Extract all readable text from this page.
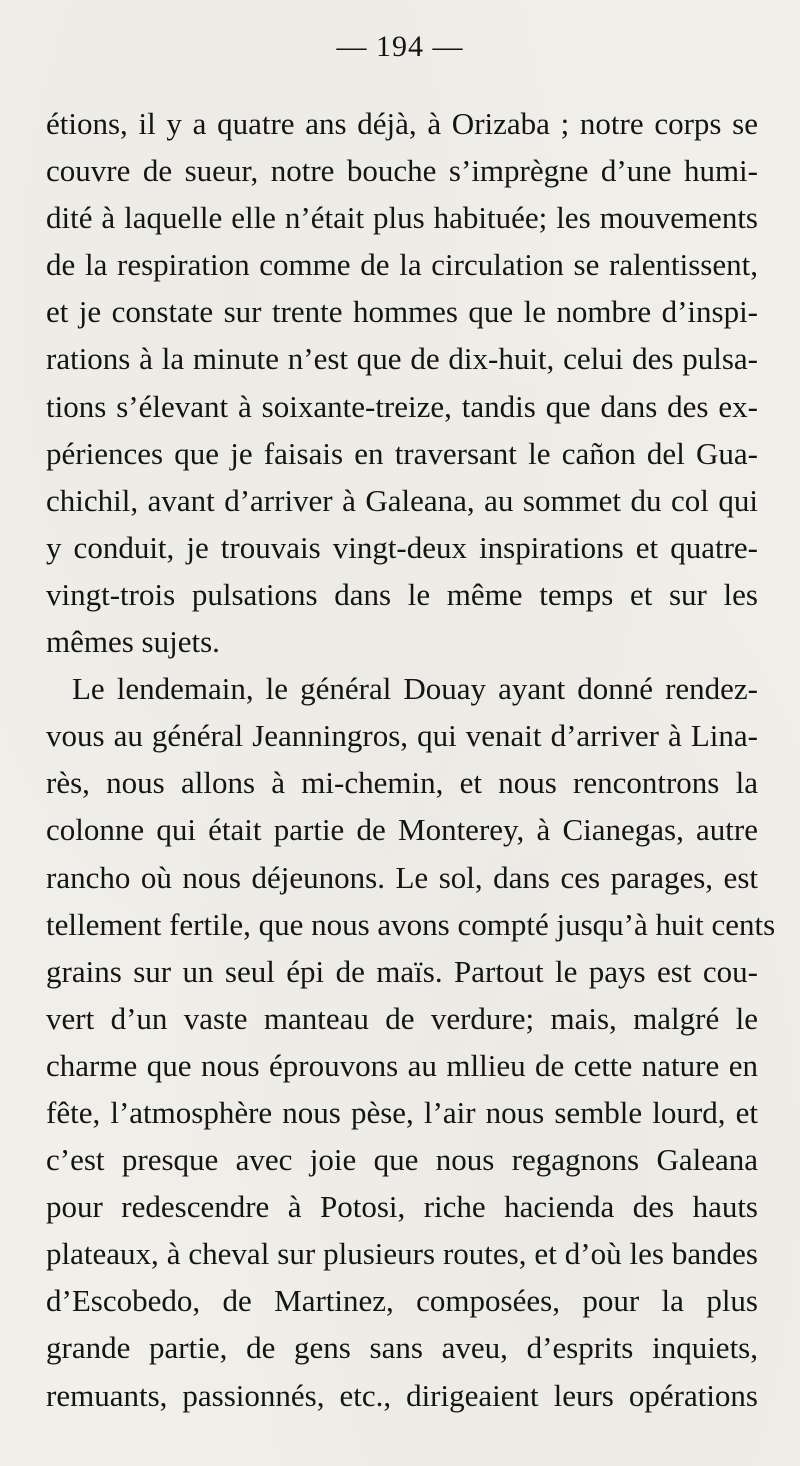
— 194 —
étions, il y a quatre ans déjà, à Orizaba ; notre corps se
couvre de sueur, notre bouche s’imprègne d’une humi-
dité à laquelle elle n’était plus habituée; les mouvements
de la respiration comme de la circulation se ralentissent,
et je constate sur trente hommes que le nombre d’inspi-
rations à la minute n’est que de dix-huit, celui des pulsa-
tions s’élevant à soixante-treize, tandis que dans des ex-
périences que je faisais en traversant le cañon del Gua-
chichil, avant d’arriver à Galeana, au sommet du col qui
y conduit, je trouvais vingt-deux inspirations et quatre-
vingt-trois pulsations dans le même temps et sur les
mêmes sujets.
Le lendemain, le général Douay ayant donné rendez-
vous au général Jeanningros, qui venait d’arriver à Lina-
rès, nous allons à mi-chemin, et nous rencontrons la
colonne qui était partie de Monterey, à Cianegas, autre
rancho où nous déjeunons. Le sol, dans ces parages, est
tellement fertile, que nous avons compté jusqu’à huit cents
grains sur un seul épi de maïs. Partout le pays est cou-
vert d’un vaste manteau de verdure; mais, malgré le
charme que nous éprouvons au mllieu de cette nature en
fête, l’atmosphère nous pèse, l’air nous semble lourd, et
c’est presque avec joie que nous regagnons Galeana
pour redescendre à Potosi, riche hacienda des hauts
plateaux, à cheval sur plusieurs routes, et d’où les bandes
d’Escobedo, de Martinez, composées, pour la plus
grande partie, de gens sans aveu, d’esprits inquiets,
remuants, passionnés, etc., dirigeaient leurs opérations
